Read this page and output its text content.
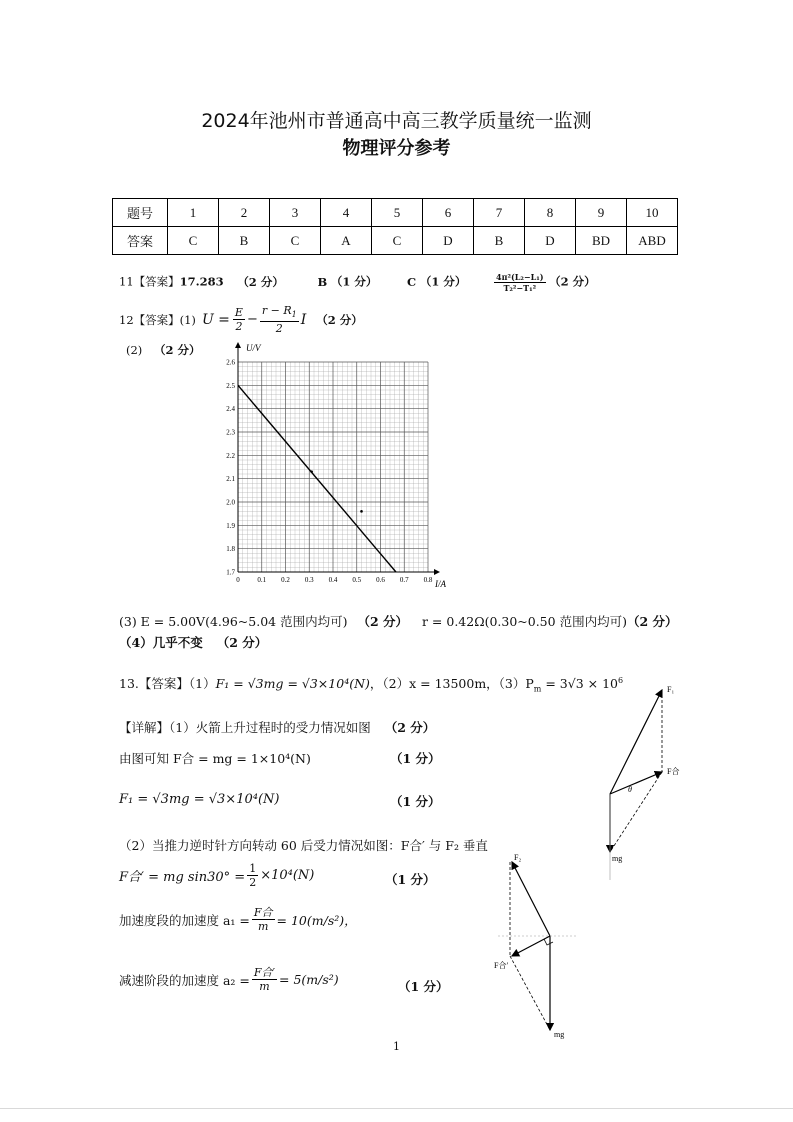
2024年池州市普通高中高三教学质量统一监测
物理评分参考
题号	1	2	3	4	5	6	7	8	9	10
答案	C	B	C	A	C	D	B	D	BD	ABD
11【答案】17.283 （2 分）	B （1 分）	C （1 分）	$\frac{\text{4π²(L₂−L₁)}}{\text{T₂²−T₁²}} (2$ 分）
12【答案】(1) $U = \frac{E}{2} - \frac{r - R_1}{2}$ I （2 分）
(2) （2 分）
0	0.1 0.2 0.3 0.4 0.5 0.6 0.7 0.8
1.7
1.8
1.9
2.0
2.1
2.2
2.3
2.4
2.5
2.6
U/V
I/A
(3) E = 5.00V(4.96~5.04 范围内均可) （2 分） r = 0.42Ω(0.30~0.50 范围内均可)（2 分）
（4）几乎不变 （2 分）
13.【答案】（1）F₁ = √3mg = √3×10⁴(N)，（2）x = 13500m，$(3)P_m = 3√3 \times 10^6$
【详解】（1）火箭上升过程时的受力情况如图 （2 分）
由图可知 F合 = mg = 1×10⁴(N)	（1 分）
F₁ = √3mg = √3×10⁴(N)	（1 分）
（2）当推力逆时针方向转动 60 后受力情况如图：F合′ 与 F₂ 垂直
F合′ = mg $\sin 30^\circ = \frac{1}{2} \times 10^4(N)$	（1 分）
加速度段的加速度 $a_1 = \frac{\text{F合}}{m} = 10(m/s^2)$，
减速阶段的加速度 $a_2 = \frac{\text{F合′}}{m} = 5(m/s^2)$	（1 分）
F₁
F合
θ
mg
F₂
F合′
mg
1
